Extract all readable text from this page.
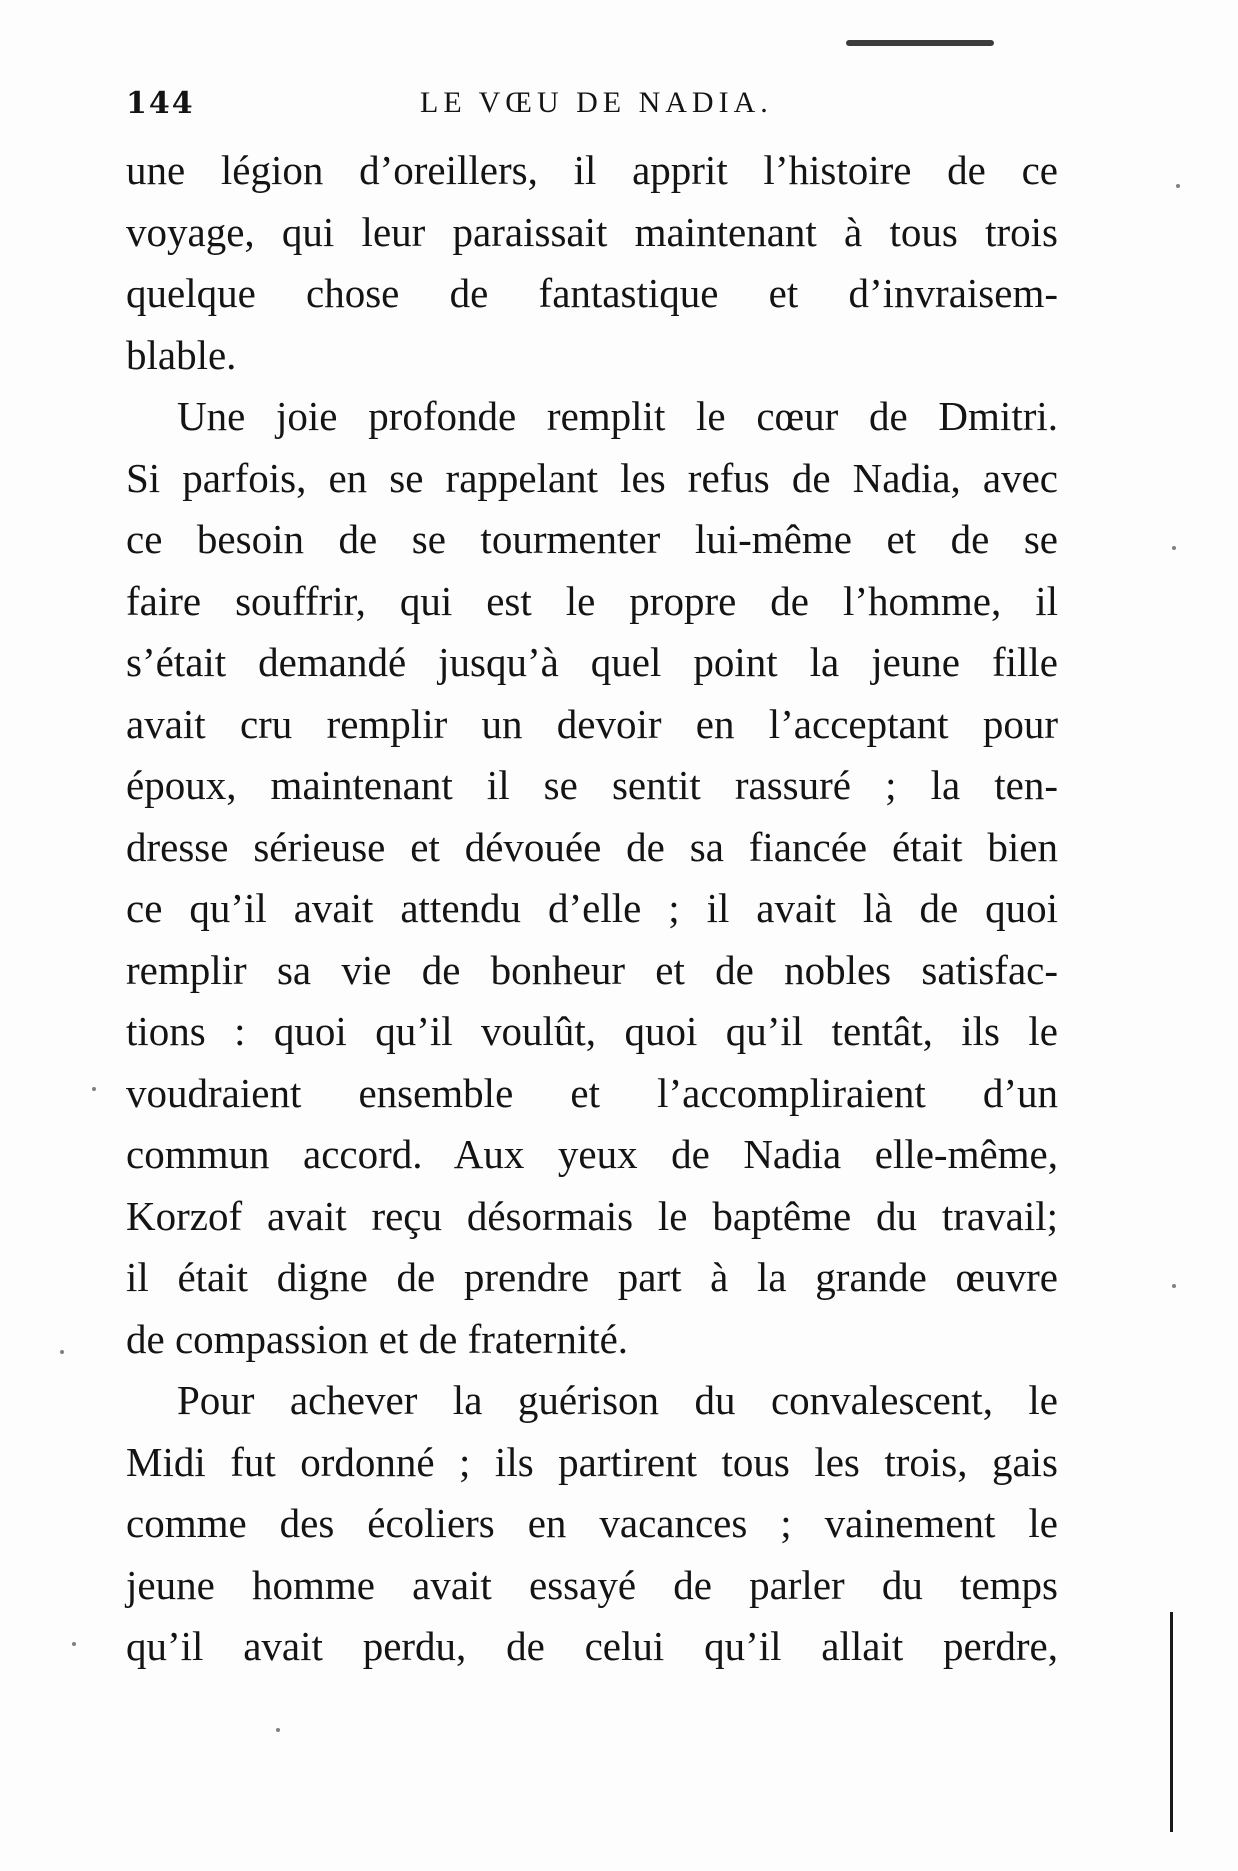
144	LE VŒU DE NADIA.

une légion d’oreillers, il apprit l’histoire de ce
voyage, qui leur paraissait maintenant à tous trois
quelque chose de fantastique et d’invraisem-
blable.

Une joie profonde remplit le cœur de Dmitri.
Si parfois, en se rappelant les refus de Nadia, avec
ce besoin de se tourmenter lui-même et de se
faire souffrir, qui est le propre de l’homme, il
s’était demandé jusqu’à quel point la jeune fille
avait cru remplir un devoir en l’acceptant pour
époux, maintenant il se sentit rassuré ; la ten-
dresse sérieuse et dévouée de sa fiancée était bien
ce qu’il avait attendu d’elle ; il avait là de quoi
remplir sa vie de bonheur et de nobles satisfac-
tions : quoi qu’il voulût, quoi qu’il tentât, ils le
voudraient ensemble et l’accompliraient d’un
commun accord. Aux yeux de Nadia elle-même,
Korzof avait reçu désormais le baptême du travail;
il était digne de prendre part à la grande œuvre
de compassion et de fraternité.

Pour achever la guérison du convalescent, le
Midi fut ordonné ; ils partirent tous les trois, gais
comme des écoliers en vacances ; vainement le
jeune homme avait essayé de parler du temps
qu’il avait perdu, de celui qu’il allait perdre,
